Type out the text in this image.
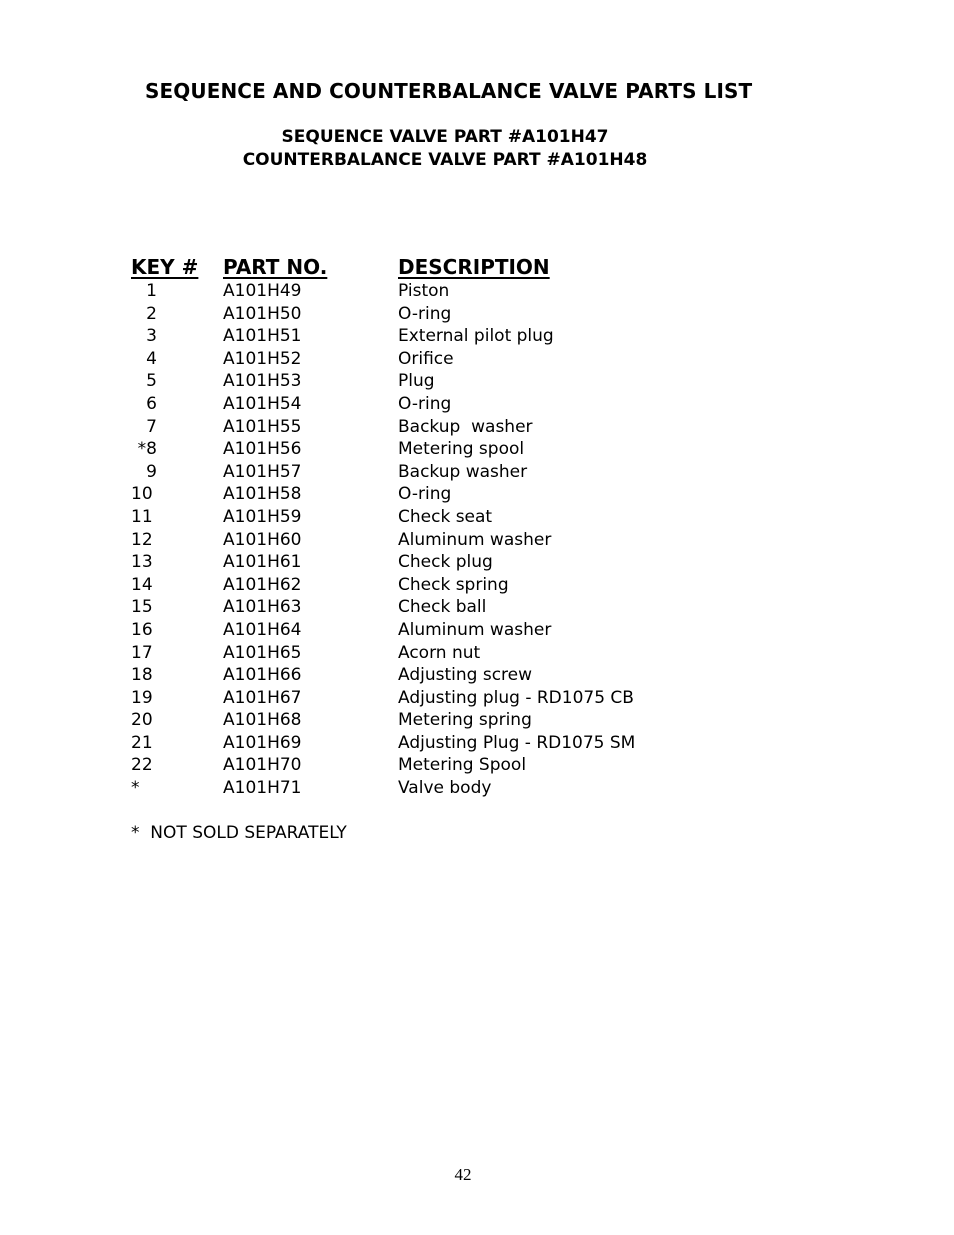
SEQUENCE AND COUNTERBALANCE VALVE PARTS LIST
SEQUENCE VALVE PART #A101H47
COUNTERBALANCE VALVE PART #A101H48
KEY # PART NO.	DESCRIPTION
1	A101H49	Piston
2	A101H50	O-ring
3	A101H51	External pilot plug
4	A101H52	Orifice
5	A101H53	Plug
6	A101H54	O-ring
7	A101H55	Backup  washer
*8	A101H56	Metering spool
9	A101H57	Backup washer
10	A101H58	O-ring
11	A101H59	Check seat
12	A101H60	Aluminum washer
13	A101H61	Check plug
14	A101H62	Check spring
15	A101H63	Check ball
16	A101H64	Aluminum washer
17	A101H65	Acorn nut
18	A101H66	Adjusting screw
19	A101H67	Adjusting plug - RD1075 CB
20	A101H68	Metering spring
21	A101H69	Adjusting Plug - RD1075 SM
22	A101H70	Metering Spool
*	A101H71	Valve body
*  NOT SOLD SEPARATELY
42
